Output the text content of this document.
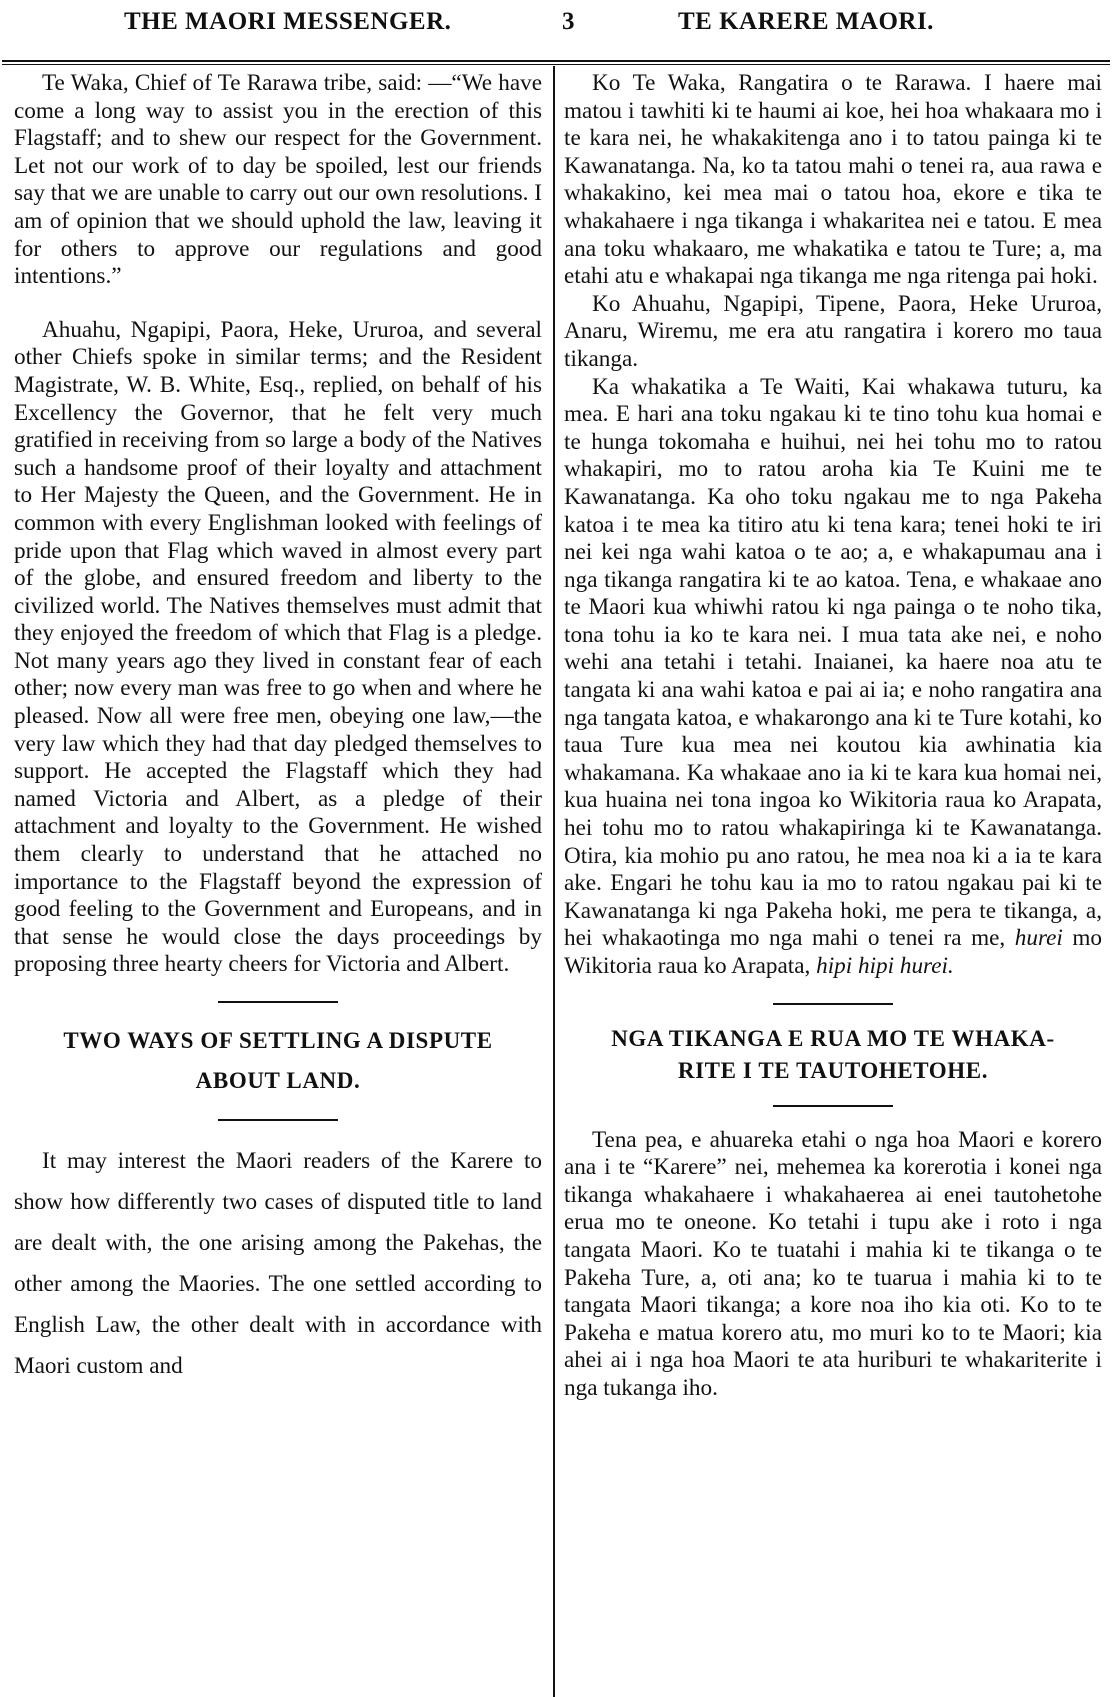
THE MAORI MESSENGER.	3	TE KARERE MAORI.

Te Waka, Chief of Te Rarawa tribe, said: —“We have come a long way to assist you in the erection of this Flagstaff; and to shew our respect for the Government. Let not our work of to day be spoiled, lest our friends say that we are unable to carry out our own resolutions. I am of opinion that we should uphold the law, leaving it for others to approve our regulations and good intentions.”

Ahuahu, Ngapipi, Paora, Heke, Ururoa, and several other Chiefs spoke in similar terms; and the Resident Magistrate, W. B. White, Esq., replied, on behalf of his Excellency the Governor, that he felt very much gratified in receiving from so large a body of the Natives such a handsome proof of their loyalty and attachment to Her Majesty the Queen, and the Government. He in common with every Englishman looked with feelings of pride upon that Flag which waved in almost every part of the globe, and ensured freedom and liberty to the civilized world. The Natives themselves must admit that they enjoyed the freedom of which that Flag is a pledge. Not many years ago they lived in constant fear of each other; now every man was free to go when and where he pleased. Now all were free men, obeying one law,—the very law which they had that day pledged themselves to support. He accepted the Flagstaff which they had named Victoria and Albert, as a pledge of their attachment and loyalty to the Government. He wished them clearly to understand that he attached no importance to the Flagstaff beyond the expression of good feeling to the Government and Europeans, and in that sense he would close the days proceedings by proposing three hearty cheers for Victoria and Albert.

TWO WAYS OF SETTLING A DISPUTE
ABOUT LAND.

It may interest the Maori readers of the Karere to show how differently two cases of disputed title to land are dealt with, the one arising among the Pakehas, the other among the Maories. The one settled according to English Law, the other dealt with in accordance with Maori custom and

Ko Te Waka, Rangatira o te Rarawa. I haere mai matou i tawhiti ki te haumi ai koe, hei hoa whakaara mo i te kara nei, he whakakitenga ano i to tatou painga ki te Kawanatanga. Na, ko ta tatou mahi o tenei ra, aua rawa e whakakino, kei mea mai o tatou hoa, ekore e tika te whakahaere i nga tikanga i whakaritea nei e tatou. E mea ana toku whakaaro, me whakatika e tatou te Ture; a, ma etahi atu e whakapai nga tikanga me nga ritenga pai hoki.

Ko Ahuahu, Ngapipi, Tipene, Paora, Heke Ururoa, Anaru, Wiremu, me era atu rangatira i korero mo taua tikanga.

Ka whakatika a Te Waiti, Kai whakawa tuturu, ka mea. E hari ana toku ngakau ki te tino tohu kua homai e te hunga tokomaha e huihui, nei hei tohu mo to ratou whakapiri, mo to ratou aroha kia Te Kuini me te Kawanatanga. Ka oho toku ngakau me to nga Pakeha katoa i te mea ka titiro atu ki tena kara; tenei hoki te iri nei kei nga wahi katoa o te ao; a, e whakapumau ana i nga tikanga rangatira ki te ao katoa. Tena, e whakaae ano te Maori kua whiwhi ratou ki nga painga o te noho tika, tona tohu ia ko te kara nei. I mua tata ake nei, e noho wehi ana tetahi i tetahi. Inaianei, ka haere noa atu te tangata ki ana wahi katoa e pai ai ia; e noho rangatira ana nga tangata katoa, e whakarongo ana ki te Ture kotahi, ko taua Ture kua mea nei koutou kia awhinatia kia whakamana. Ka whakaae ano ia ki te kara kua homai nei, kua huaina nei tona ingoa ko Wikitoria raua ko Arapata, hei tohu mo to ratou whakapiringa ki te Kawanatanga. Otira, kia mohio pu ano ratou, he mea noa ki a ia te kara ake. Engari he tohu kau ia mo to ratou ngakau pai ki te Kawanatanga ki nga Pakeha hoki, me pera te tikanga, a, hei whakaotinga mo nga mahi o tenei ra me, hurei mo Wikitoria raua ko Arapata, hipi hipi hurei.

NGA TIKANGA E RUA MO TE WHAKA-
RITE I TE TAUTOHETOHE.

Tena pea, e ahuareka etahi o nga hoa Maori e korero ana i te “Karere” nei, mehemea ka korerotia i konei nga tikanga whakahaere i whakahaerea ai enei tautohetohe erua mo te oneone. Ko tetahi i tupu ake i roto i nga tangata Maori. Ko te tuatahi i mahia ki te tikanga o te Pakeha Ture, a, oti ana; ko te tuarua i mahia ki to te tangata Maori tikanga; a kore noa iho kia oti. Ko to te Pakeha e matua korero atu, mo muri ko to te Maori; kia ahei ai i nga hoa Maori te ata huriburi te whakariterite i nga tukanga iho.
